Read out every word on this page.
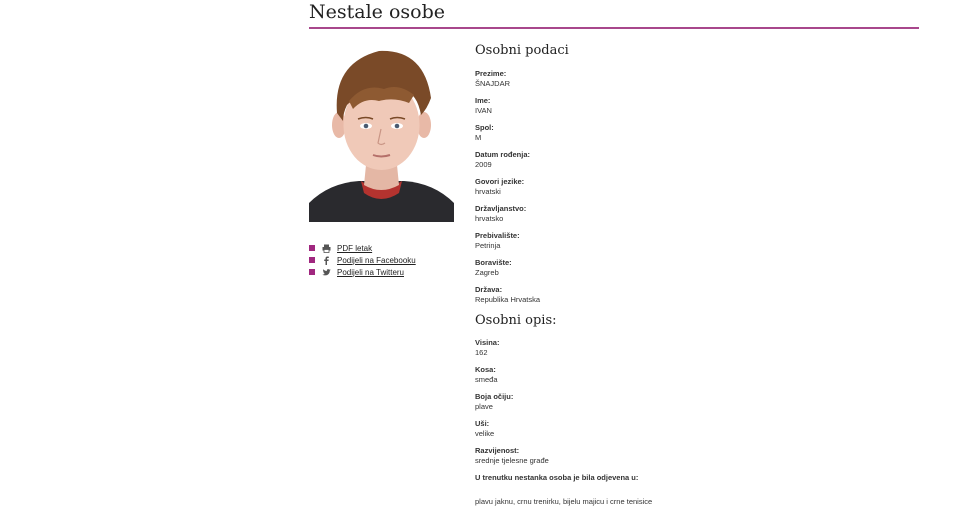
Nestale osobe
PDF letak
Podijeli na Facebooku
Podijeli na Twitteru
Osobni podaci
Prezime:
ŠNAJDAR
Ime:
IVAN
Spol:
M
Datum rođenja:
2009
Govori jezike:
hrvatski
Državljanstvo:
hrvatsko
Prebivalište:
Petrinja
Boravište:
Zagreb
Država:
Republika Hrvatska
Osobni opis:
Visina:
162
Kosa:
smeđa
Boja očiju:
plave
Uši:
velike
Razvijenost:
srednje tjelesne građe
U trenutku nestanka osoba je bila odjevena u:
plavu jaknu, crnu trenirku, bijelu majicu i crne tenisice
